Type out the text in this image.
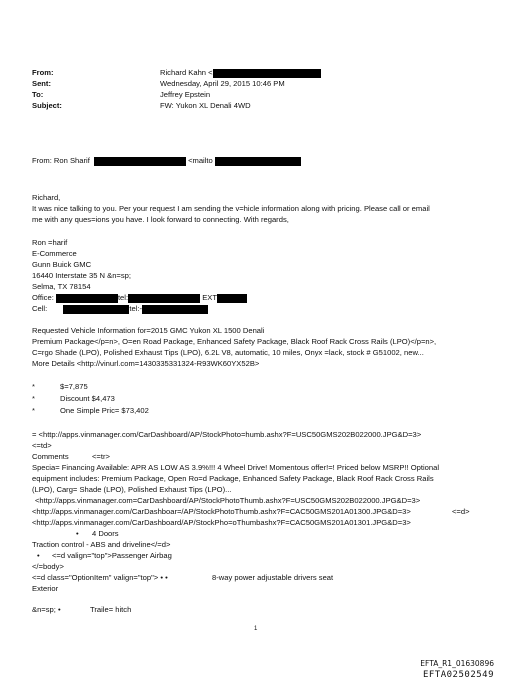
From:	Richard Kahn <
Sent:	Wednesday, April 29, 2015 10:46 PM
To:	Jeffrey Epstein
Subject:	FW: Yukon XL Denali 4WD
From: Ron Sharif	<mailto
Richard,
It was nice talking to you. Per your request I am sending the v=hicle information along with pricing. Please call or email
me with any ques=ions you have. I look forward to connecting. With regards,
Ron =harif
E-Commerce
Gunn Buick GMC
16440 Interstate 35 N &n=sp;
Selma, TX 78154
Office:	tel:	EXT
Cell:	tel:-
Requested Vehicle Information for=2015 GMC Yukon XL 1500 Denali
Premium Package</p=n>, O=en Road Package, Enhanced Safety Package, Black Roof Rack Cross Rails (LPO)</p=n>,
C=rgo Shade (LPO), Polished Exhaust Tips (LPO), 6.2L V8, automatic, 10 miles, Onyx =lack, stock # G51002, new...
More Details <http://vinurl.com=1430335331324-R93WK60YX52B>
*	$=7,875
*	Discount $4,473
*	One Simple Pric= $73,402
= <http://apps.vinmanager.com/CarDashboard/AP/StockPhoto=humb.ashx?F=USC50GMS202B022000.JPG&D=3>
<=td>
Comments	<=tr>
Specia= Financing Available: APR AS LOW AS 3.9%!!! 4 Wheel Drive! Momentous offer!=! Priced below MSRP!! Optional
equipment includes: Premium Package, Open Ro=d Package, Enhanced Safety Package, Black Roof Rack Cross Rails
(LPO), Carg= Shade (LPO), Polished Exhaust Tips (LPO)...
<http://apps.vinmanager.com=CarDashboard/AP/StockPhotoThumb.ashx?F=USC50GMS202B022000.JPG&D=3>
<http://apps.vinmanager.com/CarDashboar=/AP/StockPhotoThumb.ashx?F=CAC50GMS201A01300.JPG&D=3>	<=d>
<http://apps.vinmanager.com/CarDashboard/AP/StockPho=oThumbashx?F=CAC50GMS201A01301.JPG&D=3>
• 4 Doors
Traction control - ABS and driveline</=d>
• <=d valign="top">Passenger Airbag
</=body>
<=d class="OptionItem" valign="top"> • •	8-way power adjustable drivers seat
Exterior
&n=sp; •	Traile= hitch
1
EFTA_R1_01630896
EFTA02502549
